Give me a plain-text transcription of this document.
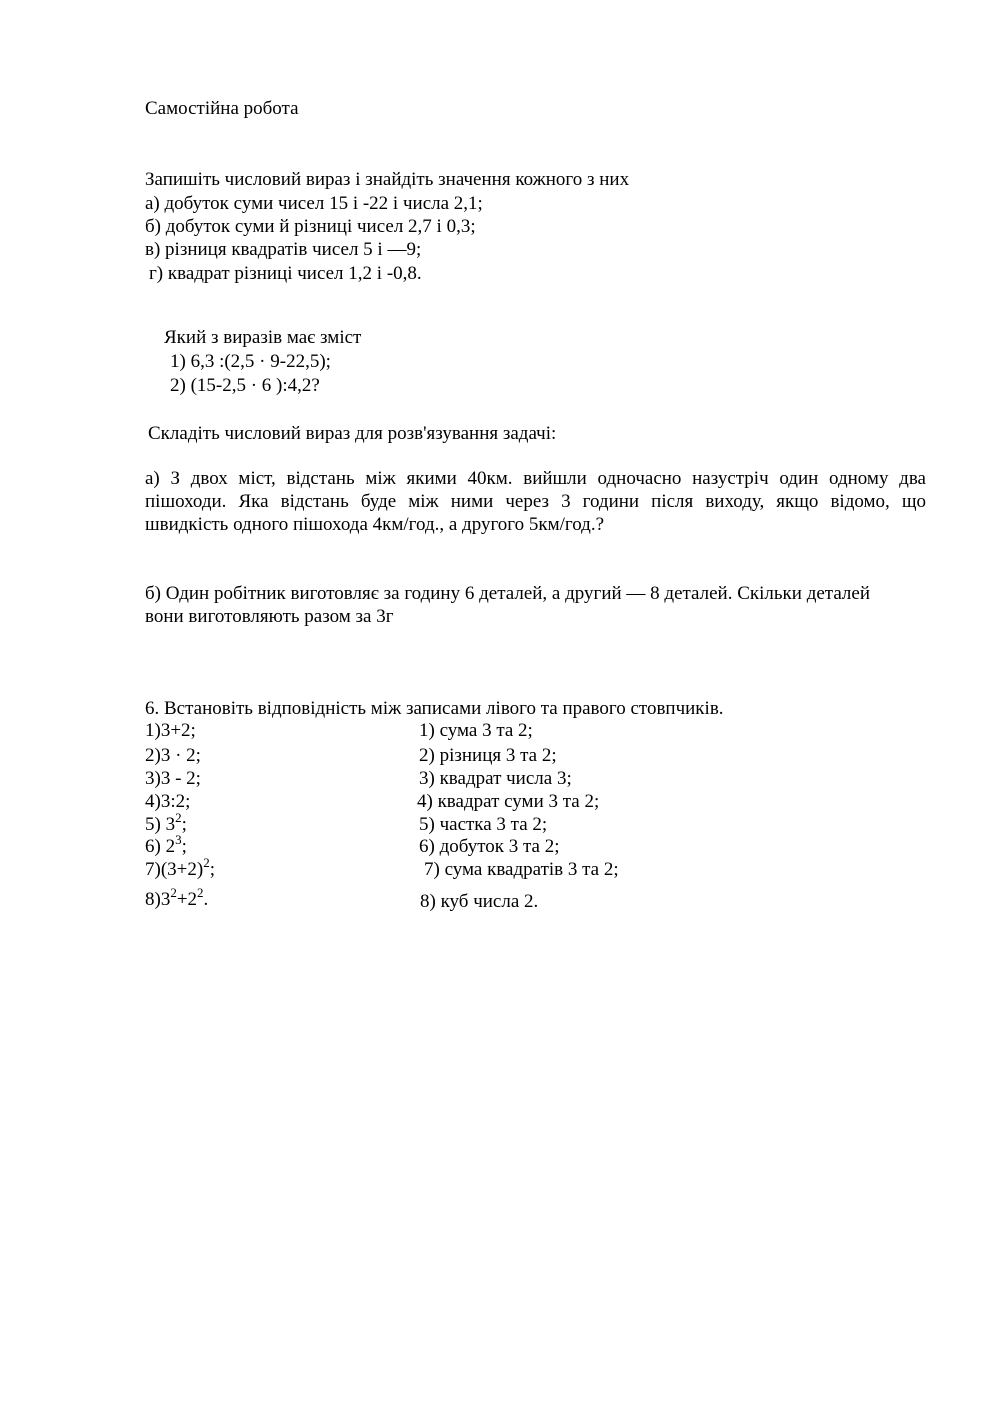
Самостійна робота
Запишіть числовий вираз і знайдіть значення кожного з них
а) добуток суми чисел 15 і -22 і числа 2,1;
б) добуток суми й різниці чисел 2,7 і 0,3;
в) різниця квадратів чисел 5 і —9;
г) квадрат різниці чисел 1,2 і -0,8.
Який з виразів має зміст
1) 6,3 :(2,5 · 9-22,5);
2) (15-2,5 · 6 ):4,2?
Складіть числовий вираз для розв'язування задачі:
а) З двох міст, відстань між якими 40км. вийшли одночасно назустріч один одному два
пішоходи. Яка відстань буде між ними через 3 години після виходу, якщо відомо, що
швидкість одного пішохода 4км/год., а другого 5км/год.?
б) Один робітник виготовляє за годину 6 деталей, а другий — 8 деталей. Скільки деталей
вони виготовляють разом за 3г
6. Встановіть відповідність між записами лівого та правого стовпчиків.
1)3+2;
2)3 · 2;
3)3 - 2;
4)3:2;
5) $3^2$;
6) $2^3$;
$7)(3+2)^2$;
$8)3^2+2^2$.
1) сума 3 та 2;
2) різниця 3 та 2;
3) квадрат числа 3;
4) квадрат суми 3 та 2;
5) частка 3 та 2;
6) добуток 3 та 2;
7) сума квадратів 3 та 2;
8) куб числа 2.
